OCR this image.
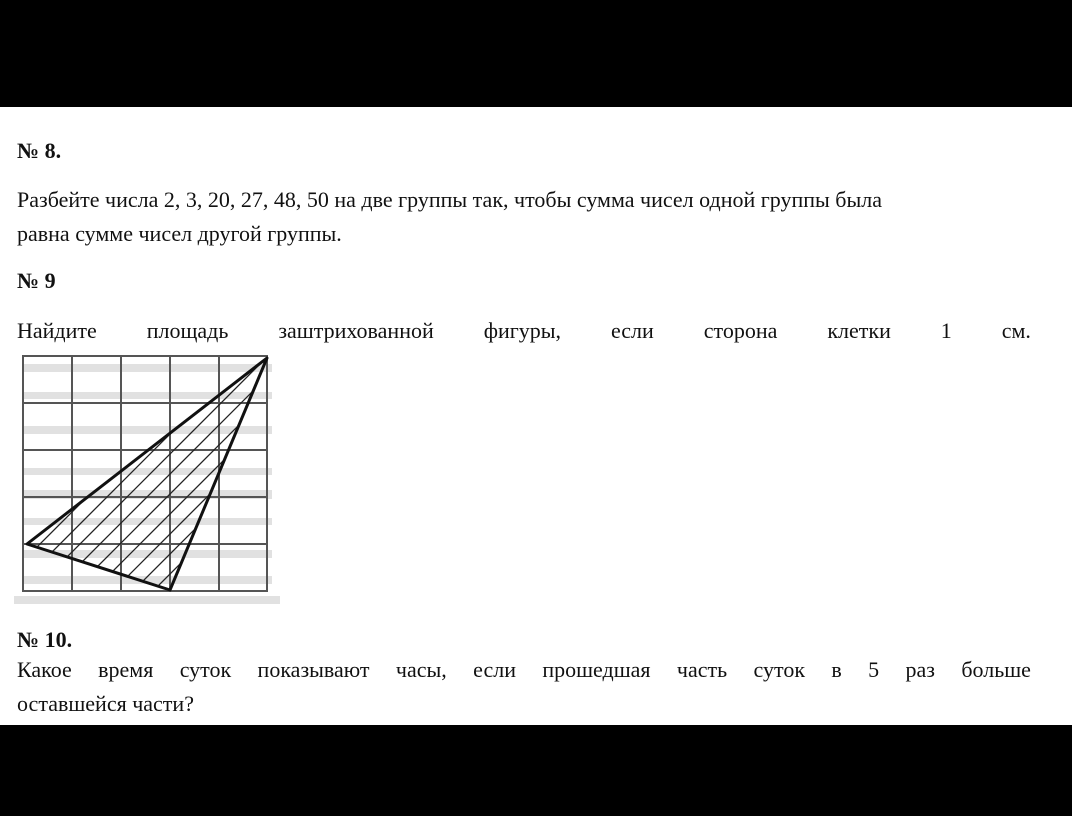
№ 8.
Разбейте числа 2, 3, 20, 27, 48, 50 на две группы так, чтобы сумма чисел одной группы была
равна сумме чисел другой группы.
№ 9
Найдите площадь заштрихованной фигуры, если сторона клетки 1 см.
№ 10.
Какое время суток показывают часы, если прошедшая часть суток в 5 раз больше
оставшейся части?
